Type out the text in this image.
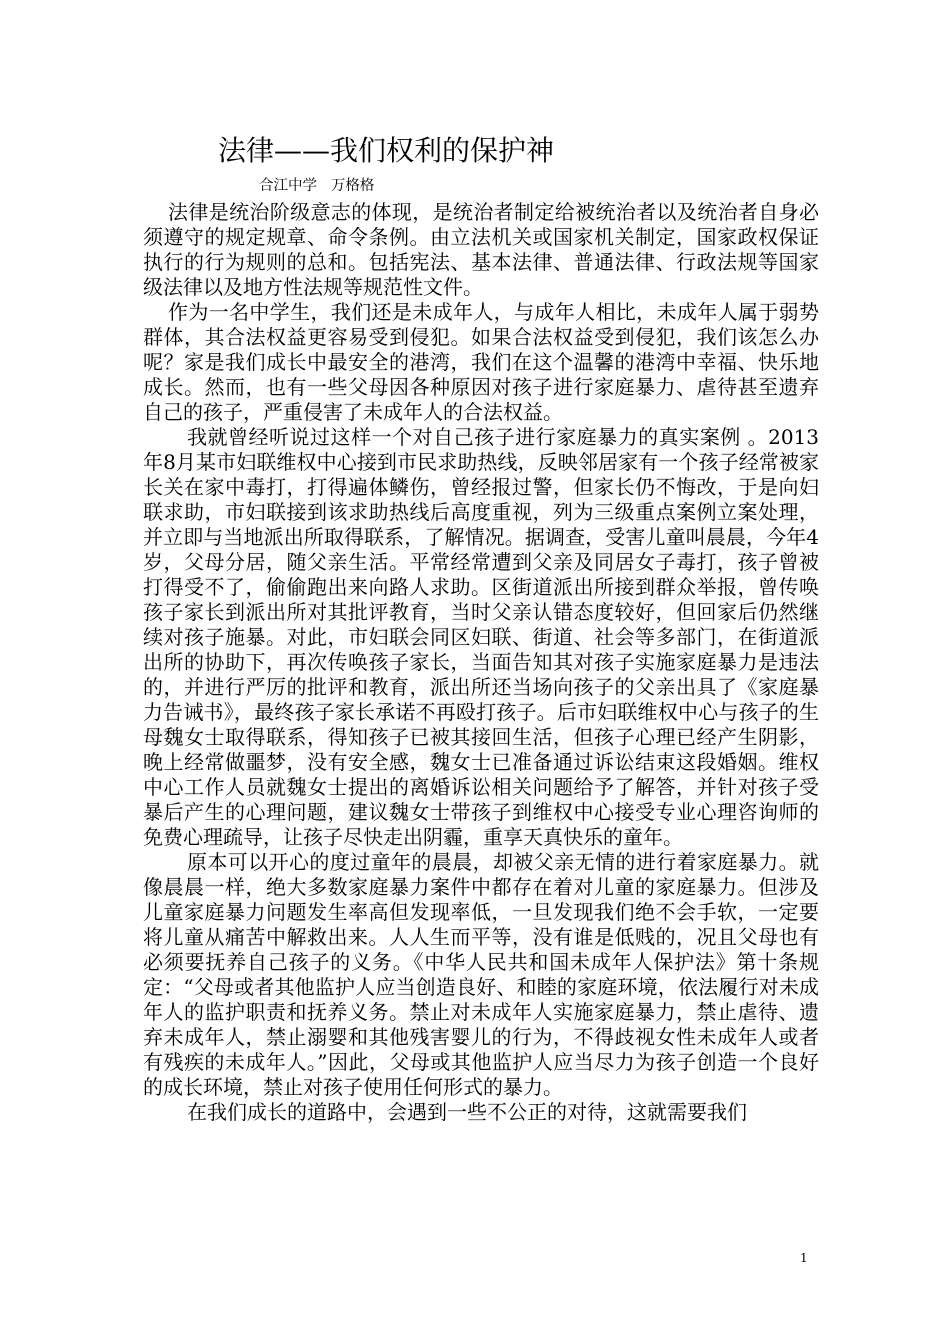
法律——我们权利的保护神
合江中学   万格格

法律是统治阶级意志的体现，是统治者制定给被统治者以及统治者自身必须遵守的规定规章、命令条例。由立法机关或国家机关制定，国家政权保证执行的行为规则的总和。包括宪法、基本法律、普通法律、行政法规等国家级法律以及地方性法规等规范性文件。

作为一名中学生，我们还是未成年人，与成年人相比，未成年人属于弱势群体，其合法权益更容易受到侵犯。如果合法权益受到侵犯，我们该怎么办呢？家是我们成长中最安全的港湾，我们在这个温馨的港湾中幸福、快乐地成长。然而，也有一些父母因各种原因对孩子进行家庭暴力、虐待甚至遗弃自己的孩子，严重侵害了未成年人的合法权益。

我就曾经听说过这样一个对自己孩子进行家庭暴力的真实案例 。2013年8月某市妇联维权中心接到市民求助热线，反映邻居家有一个孩子经常被家长关在家中毒打，打得遍体鳞伤，曾经报过警，但家长仍不悔改，于是向妇联求助，市妇联接到该求助热线后高度重视，列为三级重点案例立案处理，并立即与当地派出所取得联系，了解情况。据调查，受害儿童叫晨晨，今年4岁，父母分居，随父亲生活。平常经常遭到父亲及同居女子毒打，孩子曾被打得受不了，偷偷跑出来向路人求助。区街道派出所接到群众举报，曾传唤孩子家长到派出所对其批评教育，当时父亲认错态度较好，但回家后仍然继续对孩子施暴。对此，市妇联会同区妇联、街道、社会等多部门，在街道派出所的协助下，再次传唤孩子家长，当面告知其对孩子实施家庭暴力是违法的，并进行严厉的批评和教育，派出所还当场向孩子的父亲出具了《家庭暴力告诫书》，最终孩子家长承诺不再殴打孩子。后市妇联维权中心与孩子的生母魏女士取得联系，得知孩子已被其接回生活，但孩子心理已经产生阴影，晚上经常做噩梦，没有安全感，魏女士已准备通过诉讼结束这段婚姻。维权中心工作人员就魏女士提出的离婚诉讼相关问题给予了解答，并针对孩子受暴后产生的心理问题，建议魏女士带孩子到维权中心接受专业心理咨询师的免费心理疏导，让孩子尽快走出阴霾，重享天真快乐的童年。

原本可以开心的度过童年的晨晨，却被父亲无情的进行着家庭暴力。就像晨晨一样，绝大多数家庭暴力案件中都存在着对儿童的家庭暴力。但涉及儿童家庭暴力问题发生率高但发现率低，一旦发现我们绝不会手软，一定要将儿童从痛苦中解救出来。人人生而平等，没有谁是低贱的，况且父母也有必须要抚养自己孩子的义务。《中华人民共和国未成年人保护法》第十条规定：“父母或者其他监护人应当创造良好、和睦的家庭环境，依法履行对未成年人的监护职责和抚养义务。禁止对未成年人实施家庭暴力，禁止虐待、遗弃未成年人，禁止溺婴和其他残害婴儿的行为，不得歧视女性未成年人或者有残疾的未成年人。”因此，父母或其他监护人应当尽力为孩子创造一个良好的成长环境，禁止对孩子使用任何形式的暴力。

在我们成长的道路中，会遇到一些不公正的对待，这就需要我们

1
